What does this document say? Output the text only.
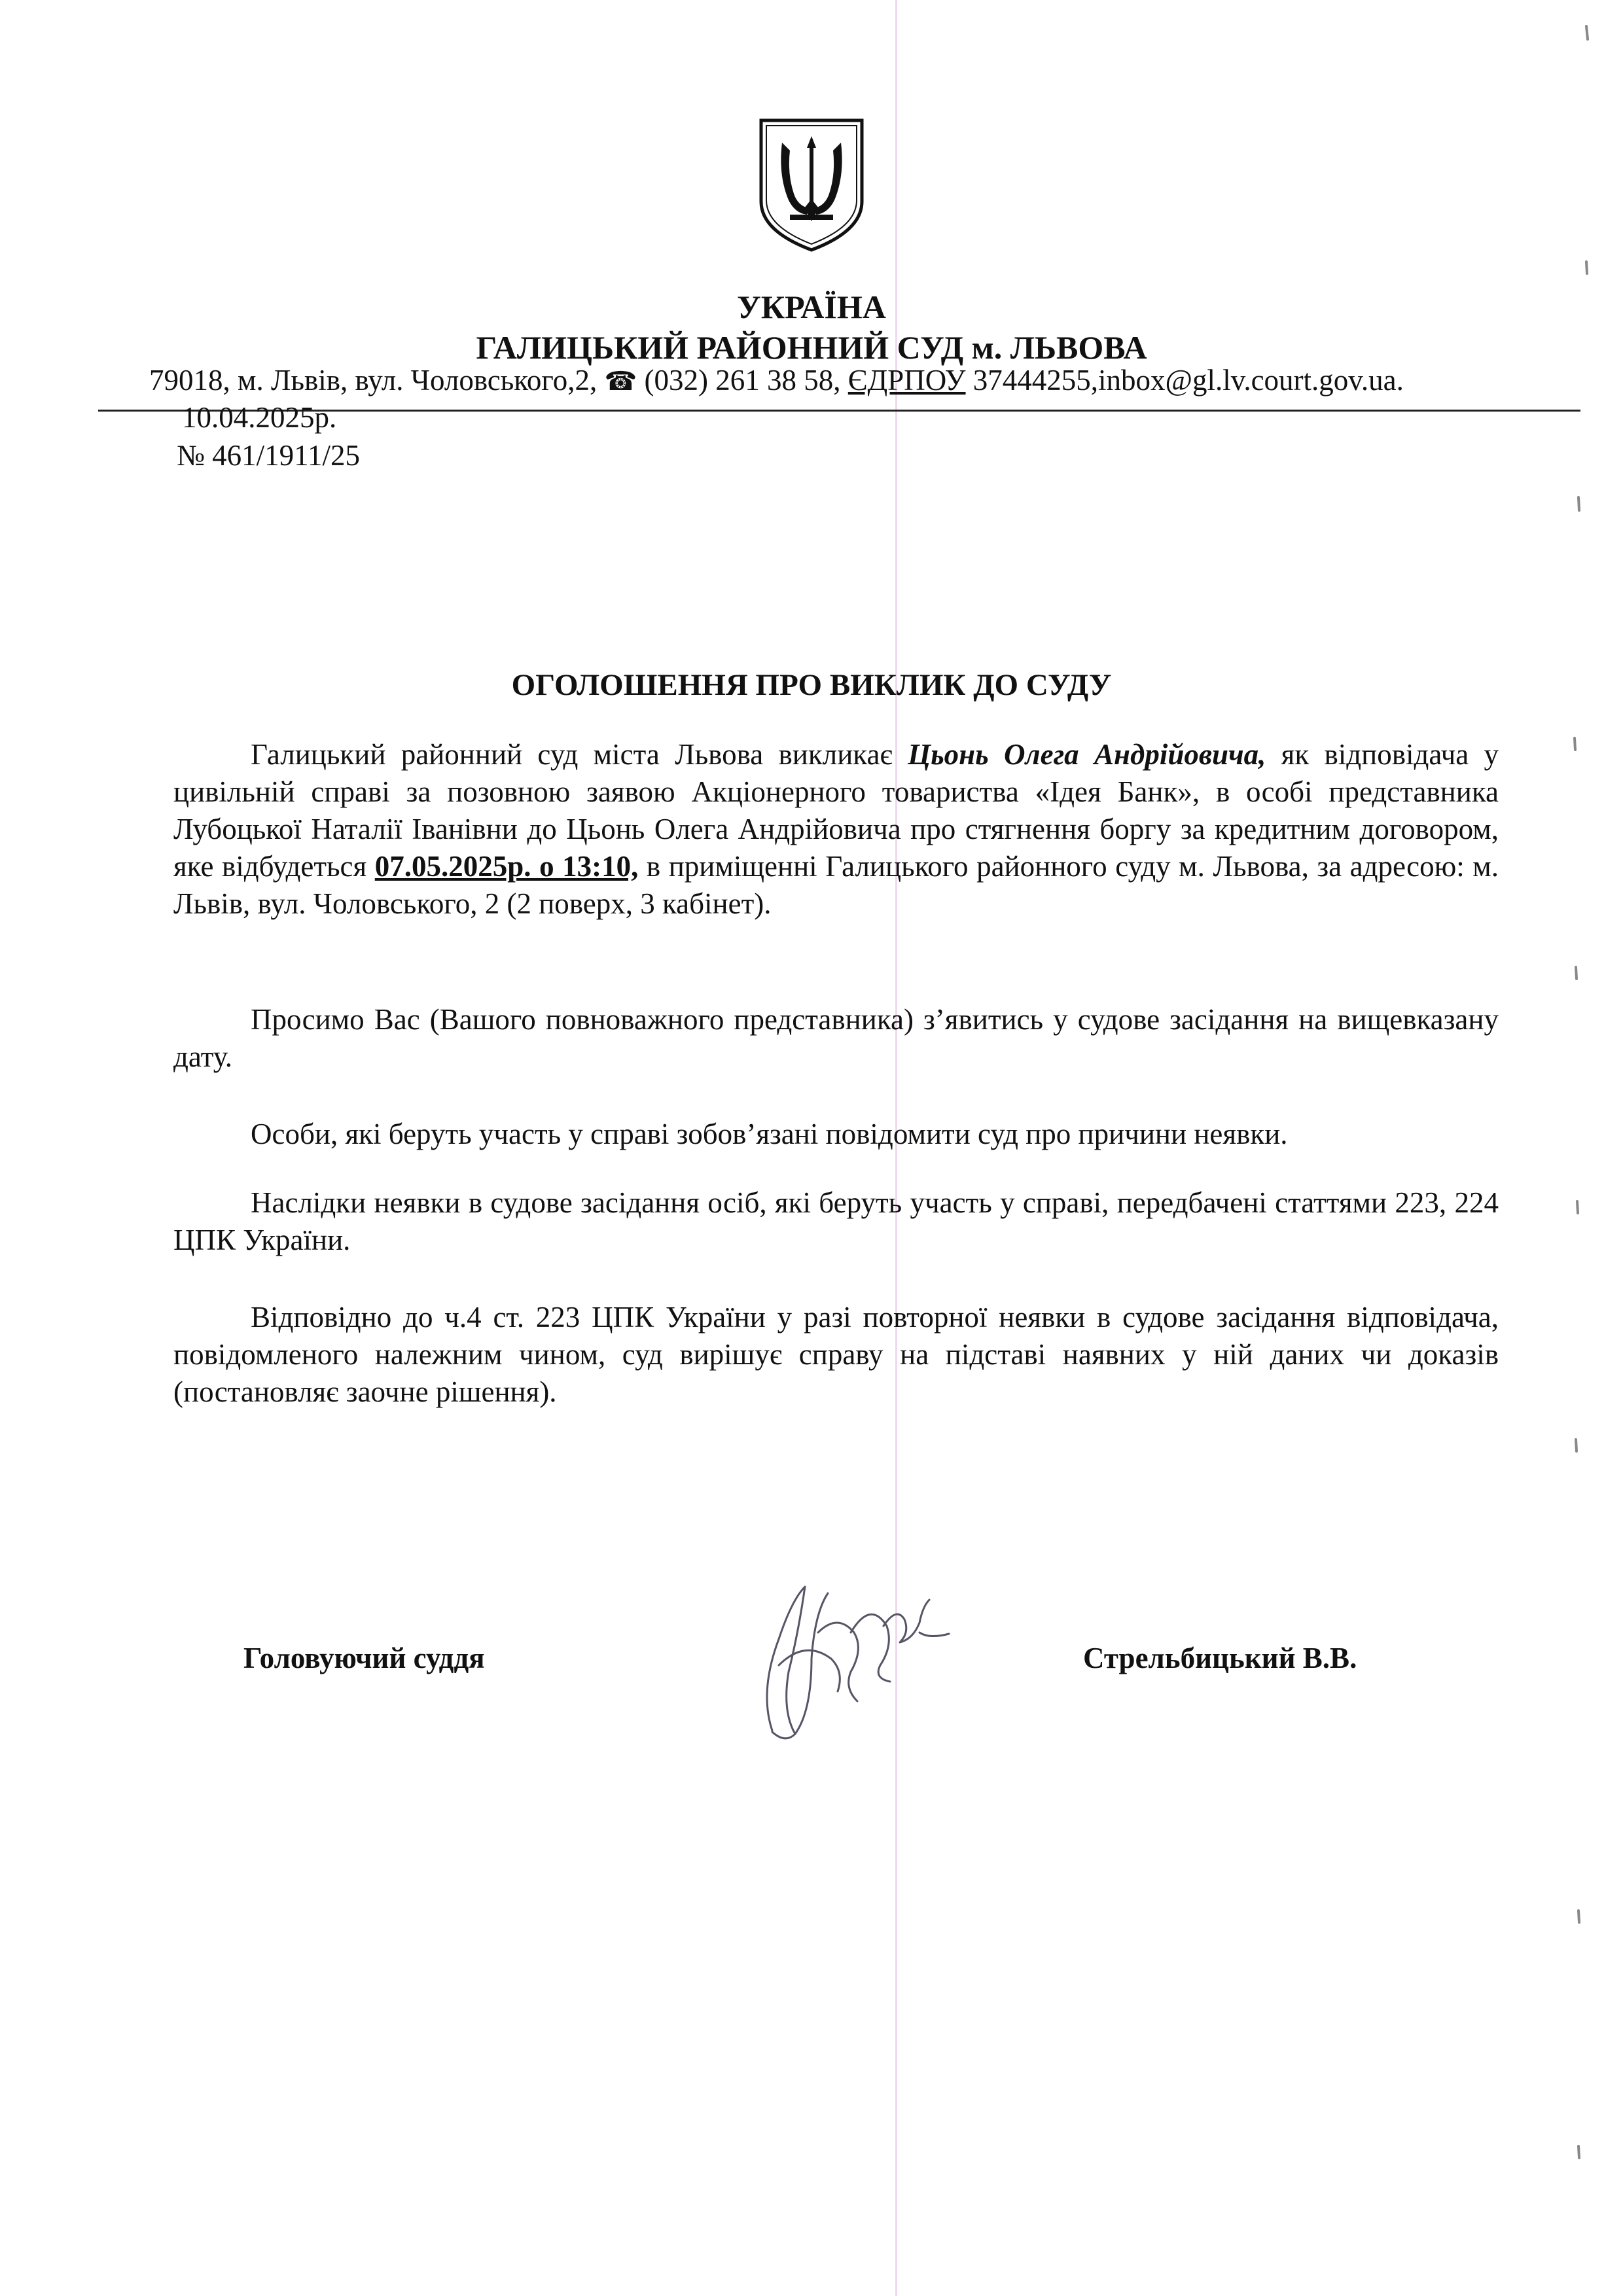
УКРАЇНА
ГАЛИЦЬКИЙ РАЙОННИЙ СУД м. ЛЬВОВА
79018, м. Львів, вул. Чоловського,2, ☎ (032) 261 38 58, ЄДРПОУ 37444255,inbox@gl.lv.court.gov.ua.
10.04.2025р.
№ 461/1911/25
ОГОЛОШЕННЯ ПРО ВИКЛИК ДО СУДУ
Галицький районний суд міста Львова викликає Цьонь Олега Андрійовича, як відповідача у цивільній справі за позовною заявою Акціонерного товариства «Ідея Банк», в особі представника Лубоцької Наталії Іванівни до Цьонь Олега Андрійовича про стягнення боргу за кредитним договором, яке відбудеться 07.05.2025р. о 13:10, в приміщенні Галицького районного суду м. Львова, за адресою: м. Львів, вул. Чоловського, 2 (2 поверх, 3 кабінет).
Просимо Вас (Вашого повноважного представника) з’явитись у судове засідання на вищевказану дату.
Особи, які беруть участь у справі зобов’язані повідомити суд про причини неявки.
Наслідки неявки в судове засідання осіб, які беруть участь у справі, передбачені статтями 223, 224 ЦПК України.
Відповідно до ч.4 ст. 223 ЦПК України у разі повторної неявки в судове засідання відповідача, повідомленого належним чином, суд вирішує справу на підставі наявних у ній даних чи доказів (постановляє заочне рішення).
Головуючий суддя	Стрельбицький В.В.
